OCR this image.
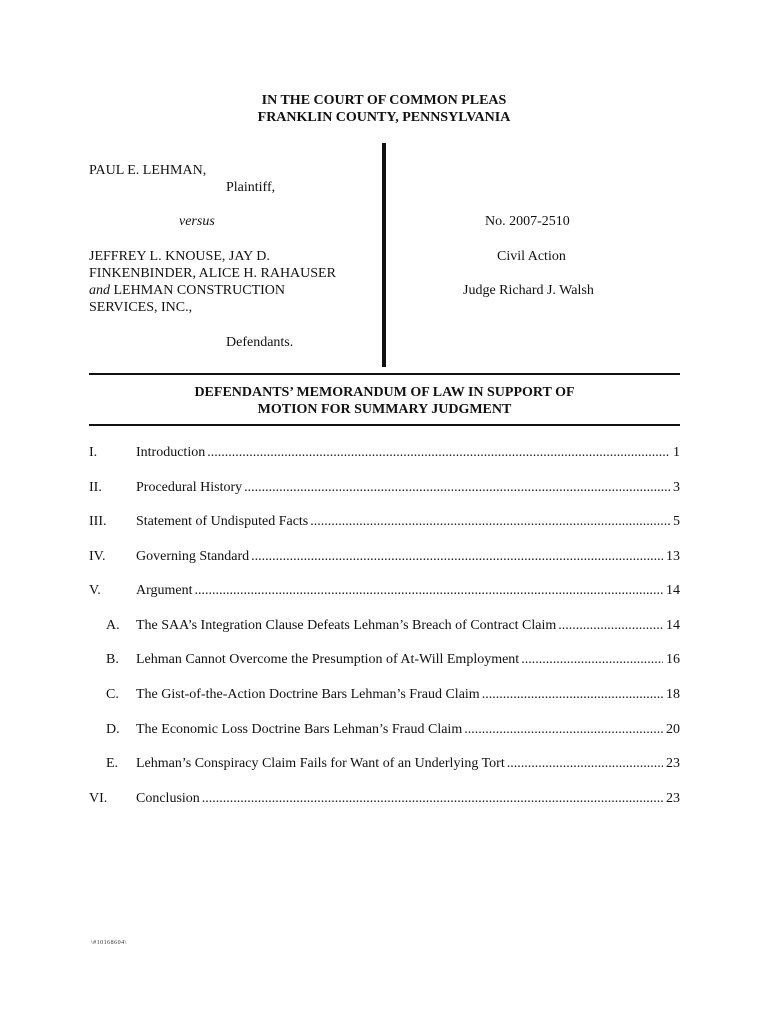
IN THE COURT OF COMMON PLEAS
FRANKLIN COUNTY, PENNSYLVANIA
PAUL E. LEHMAN,
Plaintiff,
versus
JEFFREY L. KNOUSE, JAY D.
FINKENBINDER, ALICE H. RAHAUSER
and LEHMAN CONSTRUCTION
SERVICES, INC.,
Defendants.
No. 2007-2510
Civil Action
Judge Richard J. Walsh
DEFENDANTS’ MEMORANDUM OF LAW IN SUPPORT OF
MOTION FOR SUMMARY JUDGMENT
I.	Introduction .....	1
II. Procedural History .....	3
III. Statement of Undisputed Facts .....	5
IV. Governing Standard .....	13
V.	Argument .....	14
A. The SAA’s Integration Clause Defeats Lehman’s Breach of Contract Claim .....	14
B. Lehman Cannot Overcome the Presumption of At-Will Employment .....	16
C. The Gist-of-the-Action Doctrine Bars Lehman’s Fraud Claim .....	18
D. The Economic Loss Doctrine Bars Lehman’s Fraud Claim .....	20
E. Lehman’s Conspiracy Claim Fails for Want of an Underlying Tort .....	23
VI. Conclusion .....	23
\#10168604\
